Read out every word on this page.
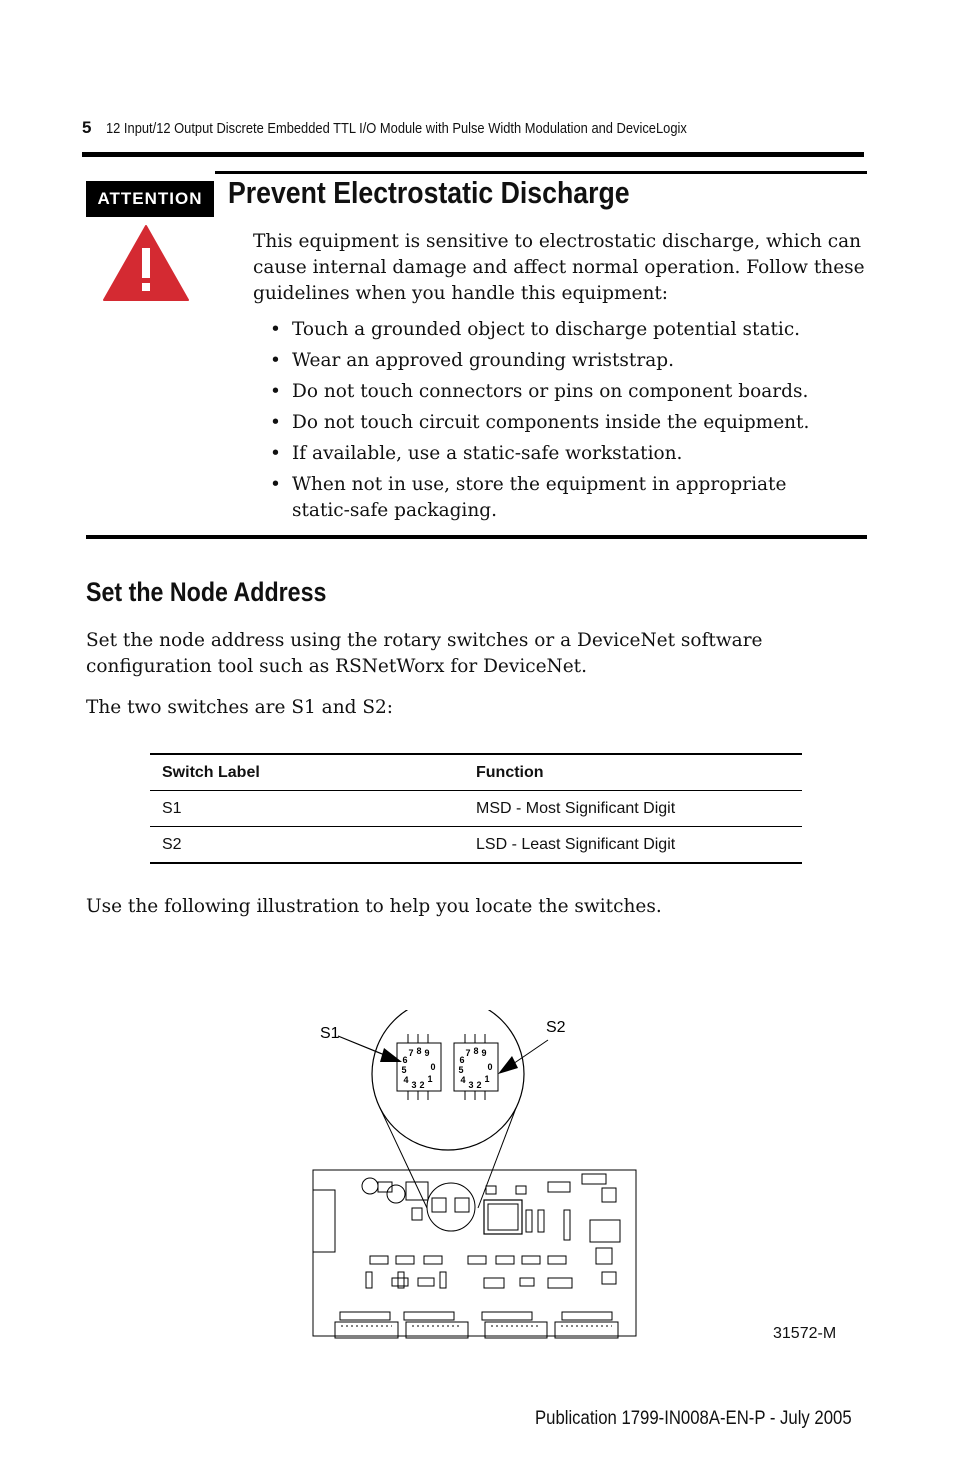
5 12 Input/12 Output Discrete Embedded TTL I/O Module with Pulse Width Modulation and DeviceLogix
ATTENTION Prevent Electrostatic Discharge
This equipment is sensitive to electrostatic discharge, which can cause internal damage and affect normal operation. Follow these guidelines when you handle this equipment:
• Touch a grounded object to discharge potential static.
• Wear an approved grounding wriststrap.
• Do not touch connectors or pins on component boards.
• Do not touch circuit components inside the equipment.
• If available, use a static-safe workstation.
• When not in use, store the equipment in appropriate static-safe packaging.
Set the Node Address
Set the node address using the rotary switches or a DeviceNet software configuration tool such as RSNetWorx for DeviceNet.
The two switches are S1 and S2:
Switch Label	Function
S1	MSD - Most Significant Digit
S2	LSD - Least Significant Digit
Use the following illustration to help you locate the switches.
S1	S2
8 9
7
6
5
4 3 2
1
0
8 9
7
6
5
4 3 2
1
0
31572-M
Publication 1799-IN008A-EN-P - July 2005
